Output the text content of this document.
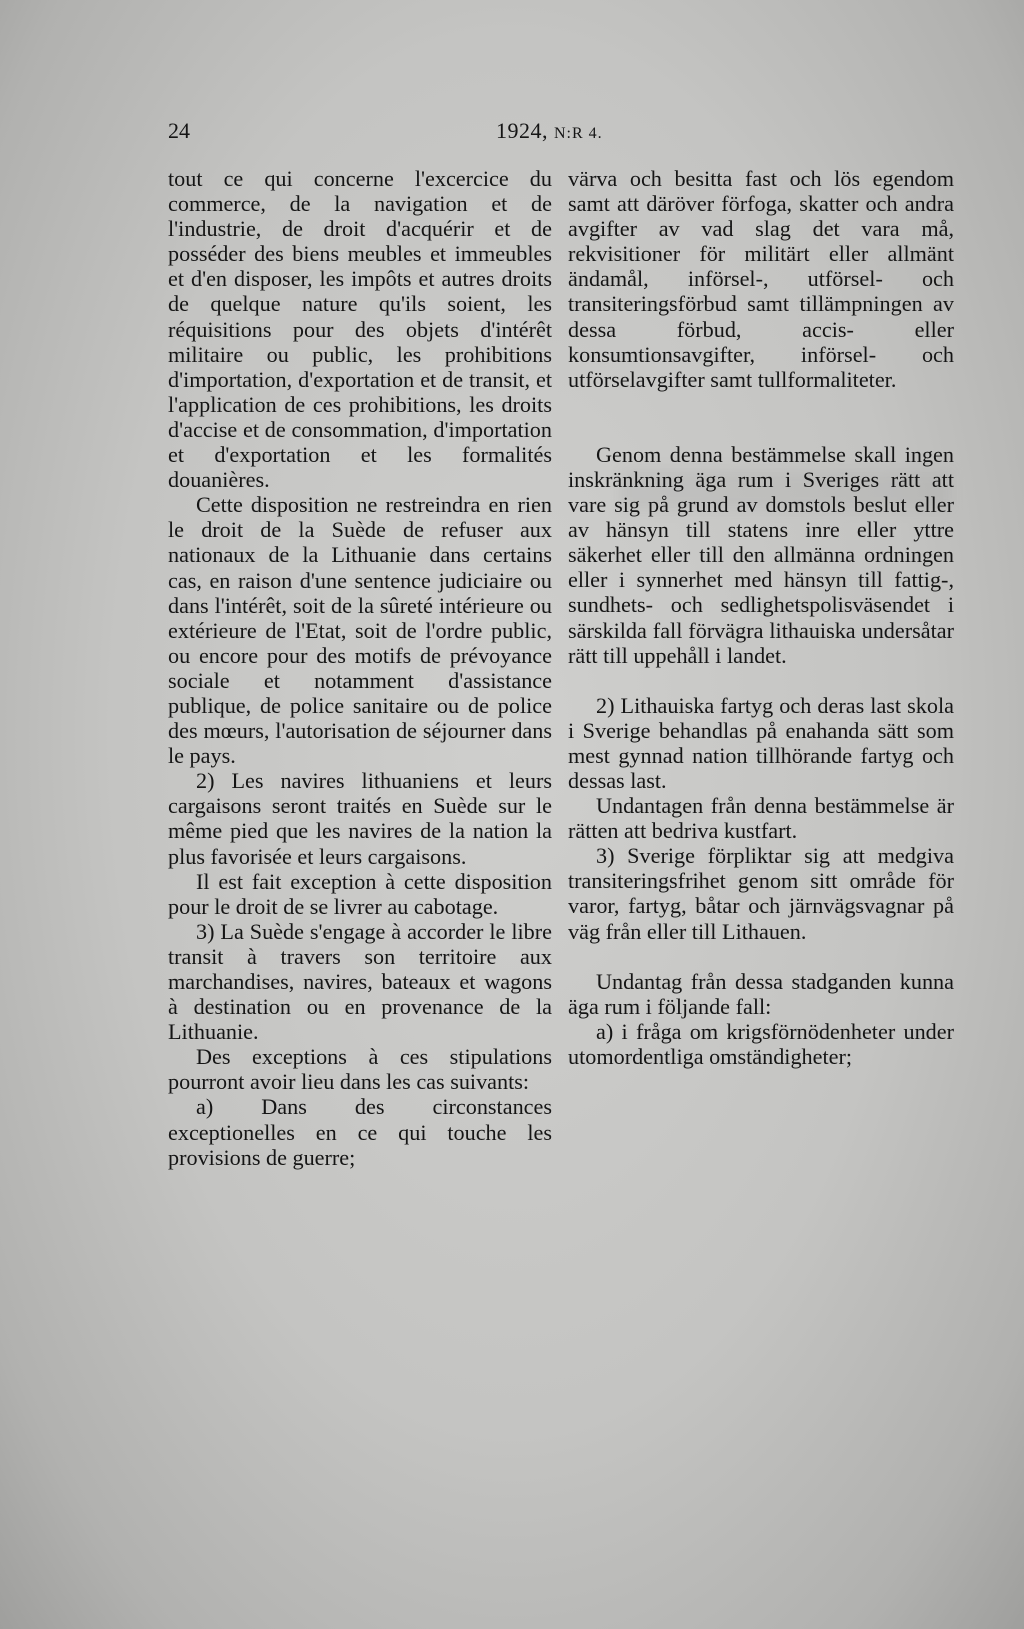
24	1924, N:R 4.

tout ce qui concerne l'excercice du commerce, de la navigation et de l'industrie, de droit d'acquérir et de posséder des biens meubles et immeubles et d'en disposer, les impôts et autres droits de quelque nature qu'ils soient, les réquisitions pour des objets d'intérêt militaire ou public, les prohibitions d'importation, d'exportation et de transit, et l'application de ces prohibitions, les droits d'accise et de consommation, d'importation et d'exportation et les formalités douanières.

Cette disposition ne restreindra en rien le droit de la Suède de refuser aux nationaux de la Lithuanie dans certains cas, en raison d'une sentence judiciaire ou dans l'intérêt, soit de la sûreté intérieure ou extérieure de l'Etat, soit de l'ordre public, ou encore pour des motifs de prévoyance sociale et notamment d'assistance publique, de police sanitaire ou de police des mœurs, l'autorisation de séjourner dans le pays.

2) Les navires lithuaniens et leurs cargaisons seront traités en Suède sur le même pied que les navires de la nation la plus favorisée et leurs cargaisons.

Il est fait exception à cette disposition pour le droit de se livrer au cabotage.

3) La Suède s'engage à accorder le libre transit à travers son territoire aux marchandises, navires, bateaux et wagons à destination ou en provenance de la Lithuanie.

Des exceptions à ces stipulations pourront avoir lieu dans les cas suivants:

a) Dans des circonstances exceptionelles en ce qui touche les provisions de guerre;

värva och besitta fast och lös egendom samt att däröver förfoga, skatter och andra avgifter av vad slag det vara må, rekvisitioner för militärt eller allmänt ändamål, införsel-, utförsel- och transiteringsförbud samt tillämpningen av dessa förbud, accis- eller konsumtionsavgifter, införsel- och utförselavgifter samt tullformaliteter.

Genom denna bestämmelse skall ingen inskränkning äga rum i Sveriges rätt att vare sig på grund av domstols beslut eller av hänsyn till statens inre eller yttre säkerhet eller till den allmänna ordningen eller i synnerhet med hänsyn till fattig-, sundhets- och sedlighetspolisväsendet i särskilda fall förvägra lithauiska undersåtar rätt till uppehåll i landet.

2) Lithauiska fartyg och deras last skola i Sverige behandlas på enahanda sätt som mest gynnad nation tillhörande fartyg och dessas last.

Undantagen från denna bestämmelse är rätten att bedriva kustfart.

3) Sverige förpliktar sig att medgiva transiteringsfrihet genom sitt område för varor, fartyg, båtar och järnvägsvagnar på väg från eller till Lithauen.

Undantag från dessa stadganden kunna äga rum i följande fall:

a) i fråga om krigsförnödenheter under utomordentliga omständigheter;
